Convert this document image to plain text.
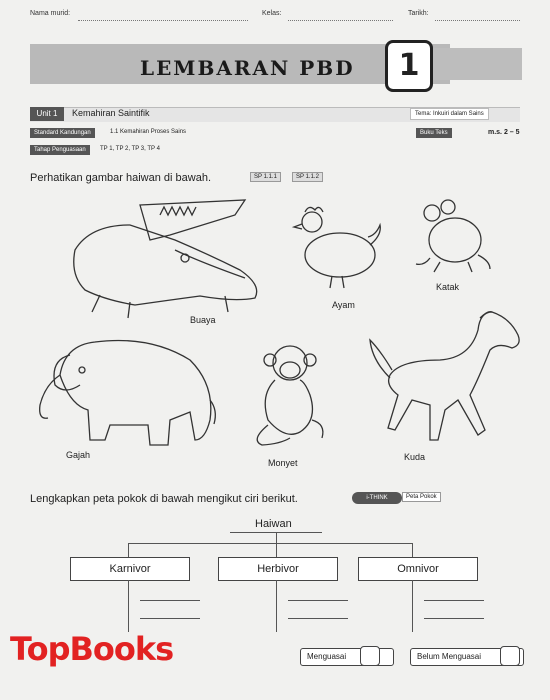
Nama murid:	Kelas:	Tarikh:
LEMBARAN PBD	1
Unit 1	Kemahiran Saintifik	Tema: Inkuiri dalam Sains
Standard Kandungan	1.1 Kemahiran Proses Sains
Tahap Penguasaan	TP 1, TP 2, TP 3, TP 4
Buku Teks	m.s. 2 – 5
Perhatikan gambar haiwan di bawah.	SP 1.1.1	SP 1.1.2
Buaya
Ayam
Katak
Gajah
Monyet
Kuda
Lengkapkan peta pokok di bawah mengikut ciri berikut.	i-THINK	Peta Pokok
Haiwan
Karnivor	Herbivor	Omnivor
Menguasai	Belum Menguasai
TopBooks
